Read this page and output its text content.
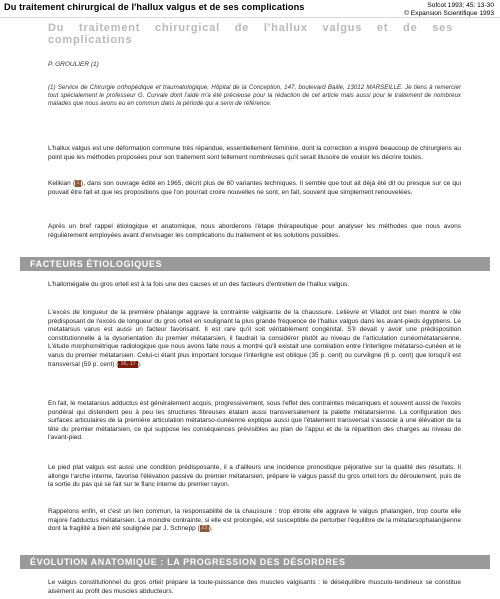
Du traitement chirurgical de l'hallux valgus et de ses complications	Sofcot 1993; 45: 13-30
© Expansion Scientifique 1993
Du traitement chirurgical de l'hallux valgus et de ses complications
P. GROULIER (1)
(1) Service de Chirurgie orthopédique et traumatologique, Hôpital de la Conception, 147, boulevard Baille, 13012 MARSEILLE. Je tiens à remercier tout spécialement le professeur G. Curvale dont l'aide m'a été précieuse pour la rédaction de cet article mais aussi pour le traitement de nombreux malades que nous avons eu en commun dans la période qui a servi de référence.
L'hallux valgus est une déformation commune très répandue, essentiellement féminine, dont la correction a inspiré beaucoup de chirurgiens au point que les méthodes proposées pour son traitement sont tellement nombreuses qu'il serait illusoire de vouloir les décrire toutes.
Kelikian (1), dans son ouvrage édité en 1965, décrit plus de 60 variantes techniques. Il semble que tout ait déjà été dit ou presque sur ce qui pouvait être fait et que les propositions que l'on pourrait croire nouvelles ne sont, en fait, souvent que simplement renouvelées.
Après un bref rappel étiologique et anatomique, nous aborderons l'étape thérapeutique pour analyser les méthodes que nous avons régulièrement employées avant d'envisager les complications du traitement et les solutions possibles.
FACTEURS ÉTIOLOGIQUES
L'hallomégalie du gros orteil est à la fois une des causes et un des facteurs d'entretien de l'hallux valgus.
L'excès de longueur de la première phalange aggrave la contrainte valgisante de la chaussure. Lelièvre et Viladot ont bien montré le rôle prédisposant de l'excès de longueur du gros orteil en soulignant la plus grande fréquence de l'hallux valgus dans les avant-pieds égyptiens. Le metatarsus varus est aussi un facteur favorisant. Il est rare qu'il soit véritablement congénital. S'il devait y avoir une prédisposition constitutionnelle à la dysorientation du premier métatarsien, il faudrait la considérer plutôt au niveau de l'articulation cunéométatarsienne. L'étude morphométrique radiologique que nous avons faite nous a montré qu'il existait une corrélation entre l'interligne métatarso-cunéen et le varus du premier métatarsien. Celui-ci étant plus important lorsque l'interligne est oblique (35 p. cent) ou curviligne (6 p. cent) que lorsqu'il est transversal (59 p. cent) ( 16, 17 ).
En fait, le metatarsus adductus est généralement acquis, progressivement, sous l'effet des contraintes mécaniques et souvent aussi de l'excès pondéral qui distendent peu à peu les structures fibreuses étalant aussi transversalement la palette métatarsienne. La configuration des surfaces articulaires de la première articulation métatarso-cunéenne explique aussi que l'étalement transversal s'associe à une élévation de la tête du premier métatarsien, ce qui suppose les conséquences prévisibles au plan de l'appui et de la répartition des charges au niveau de l'avant-pied.
Le pied plat valgus est aussi une condition prédisposante, il a d'ailleurs une incidence pronostique péjorative sur la qualité des résultats. Il allonge l'arche interne, favorise l'élévation passive du premier métatarsien, prépare le valgus passif du gros orteil lors du déroulement, puis de la sortie du pas qui se fait sur le flanc interne du premier rayon.
Rappelons enfin, et c'est un lien commun, la responsabilité de la chaussure : trop étroite elle aggrave le valgus phalangien, trop courte elle majore l'adductus métatarsien. La moindre contrainte, si elle est prolongée, est susceptible de perturber l'équilibre de la métatarsophalangienne dont la fragilité a bien été soulignée par J. Schnepp (23).
ÉVOLUTION ANATOMIQUE : LA PROGRESSION DES DÉSORDRES
Le valgus constitutionnel du gros orteil prépare la toute-puissance des muscles valgisants : le déséquilibre musculo-tendineux se constitue aisément au profit des muscles abducteurs.
